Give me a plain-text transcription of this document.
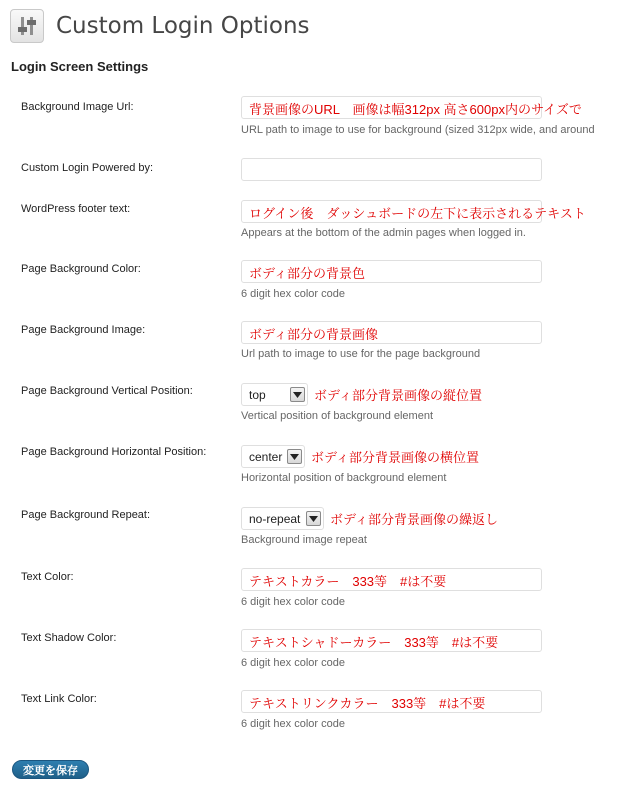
Custom Login Options
Login Screen Settings
Background Image Url:	背景画像のURL　画像は幅312px 高さ600px内のサイズで
URL path to image to use for background (sized 312px wide, and around
Custom Login Powered by:
WordPress footer text:	ログイン後　ダッシュボードの左下に表示されるテキスト
Appears at the bottom of the admin pages when logged in.
Page Background Color:	ボディ部分の背景色
6 digit hex color code
Page Background Image:	ボディ部分の背景画像
Url path to image to use for the page background
Page Background Vertical Position:	top	ボディ部分背景画像の縦位置
Vertical position of background element
Page Background Horizontal Position:	center ボディ部分背景画像の横位置
Horizontal position of background element
Page Background Repeat:	no-repeat ボディ部分背景画像の繰返し
Background image repeat
Text Color:	テキストカラー　333等　#は不要
6 digit hex color code
Text Shadow Color:	テキストシャドーカラー　333等　#は不要
6 digit hex color code
Text Link Color:	テキストリンクカラー　333等　#は不要
6 digit hex color code
変更を保存
